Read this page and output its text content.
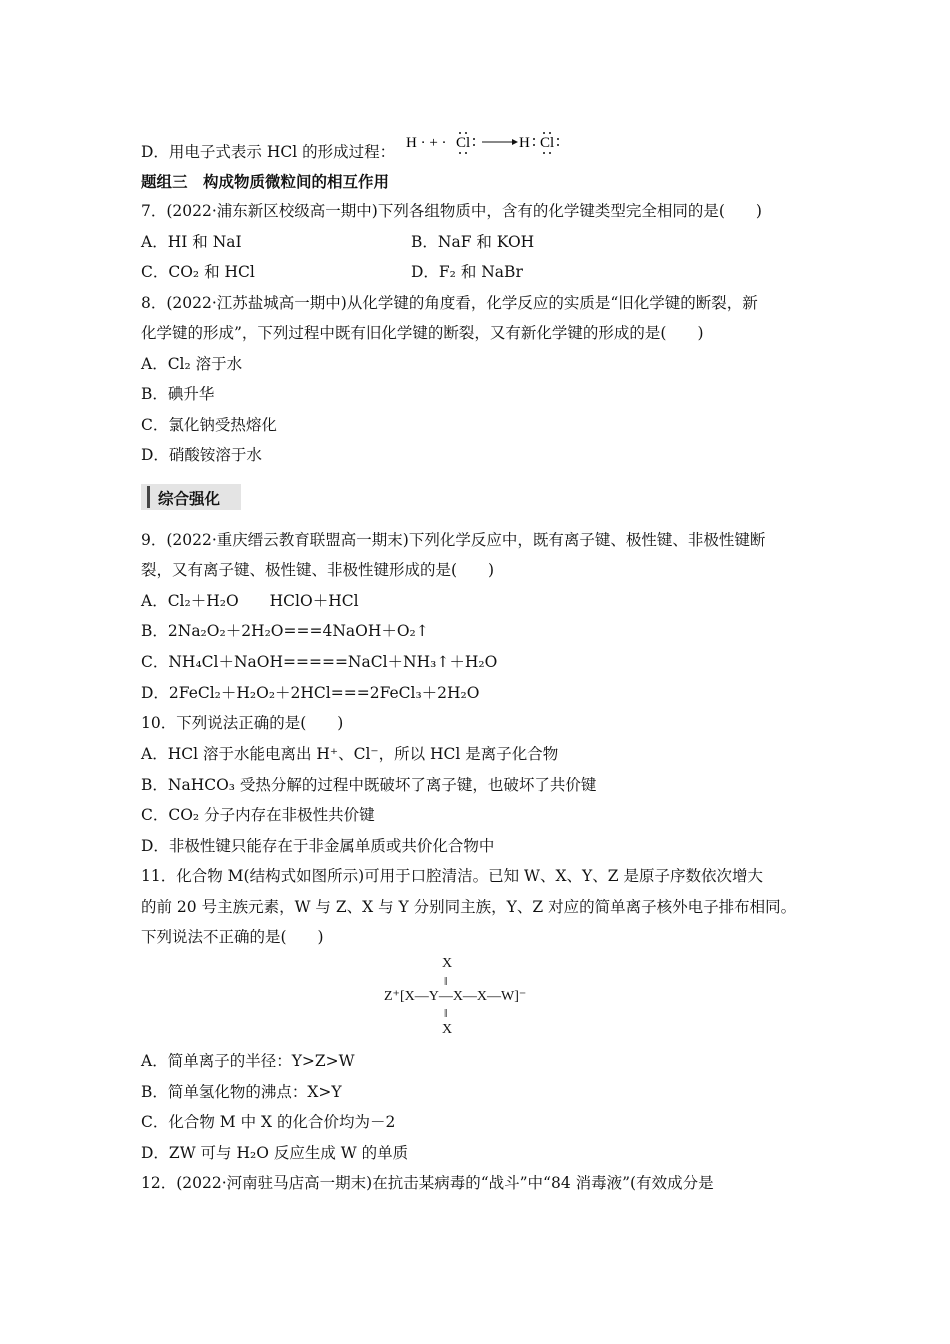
D．用电子式表示 HCl 的形成过程： H · + · Cl	H Cl
题组三　构成物质微粒间的相互作用
7．(2022·浦东新区校级高一期中)下列各组物质中，含有的化学键类型完全相同的是(　　)
A．HI 和 NaI	B．NaF 和 KOH
C．CO₂ 和 HCl	D．F₂ 和 NaBr
8．(2022·江苏盐城高一期中)从化学键的角度看，化学反应的实质是“旧化学键的断裂，新
化学键的形成”，下列过程中既有旧化学键的断裂，又有新化学键的形成的是(　　)
A．Cl₂ 溶于水
B．碘升华
C．氯化钠受热熔化
D．硝酸铵溶于水
综合强化
9．(2022·重庆缙云教育联盟高一期末)下列化学反应中，既有离子键、极性键、非极性键断
裂，又有离子键、极性键、非极性键形成的是(　　)
A．Cl₂＋H₂O　　HClO＋HCl
B．2Na₂O₂＋2H₂O===4NaOH＋O₂↑
C．NH₄Cl＋NaOH=====NaCl＋NH₃↑＋H₂O
D．2FeCl₂＋H₂O₂＋2HCl===2FeCl₃＋2H₂O
10．下列说法正确的是(　　)
A．HCl 溶于水能电离出 H⁺、Cl⁻，所以 HCl 是离子化合物
B．NaHCO₃ 受热分解的过程中既破坏了离子键，也破坏了共价键
C．CO₂ 分子内存在非极性共价键
D．非极性键只能存在于非金属单质或共价化合物中
11．化合物 M(结构式如图所示)可用于口腔清洁。已知 W、X、Y、Z 是原子序数依次增大
的前 20 号主族元素，W 与 Z、X 与 Y 分别同主族，Y、Z 对应的简单离子核外电子排布相同。
下列说法不正确的是(　　)
X
‖
Z⁺[X—Y—X—X—W]⁻
‖
X
A．简单离子的半径：Y>Z>W
B．简单氢化物的沸点：X>Y
C．化合物 M 中 X 的化合价均为－2
D．ZW 可与 H₂O 反应生成 W 的单质
12．(2022·河南驻马店高一期末)在抗击某病毒的“战斗”中“84 消毒液”(有效成分是
